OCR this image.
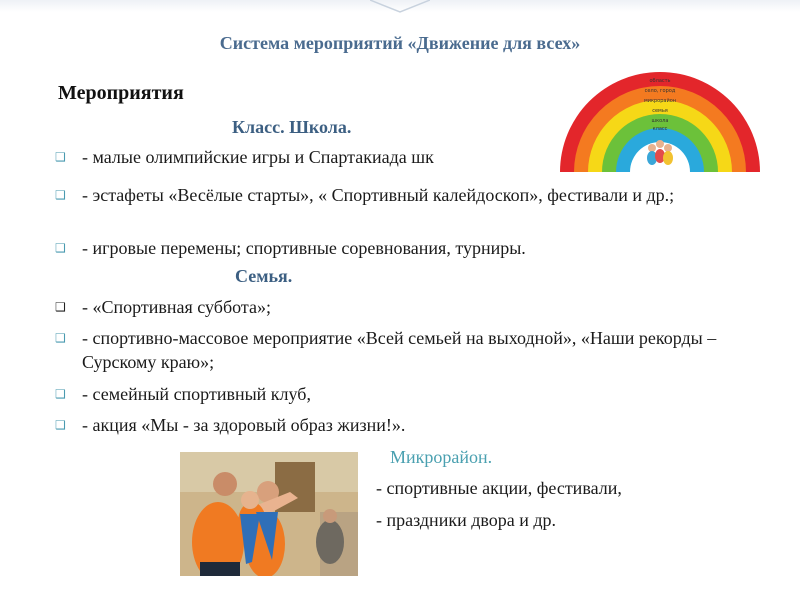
Система мероприятий «Движение для всех»
Мероприятия
Класс. Школа.
❑ - малые олимпийские игры и Спартакиада шк
❑ - эстафеты «Весёлые старты», « Спортивный калейдоскоп», фестивали и др.;
❑ - игровые перемены; спортивные соревнования, турниры.
Семья.
❑ - «Спортивная суббота»;
❑ - спортивно-массовое мероприятие «Всей семьей на выходной», «Наши рекорды – Сурскому краю»;
❑ - семейный спортивный клуб,
❑ - акция «Мы - за здоровый образ жизни!».
Микрорайон.
- спортивные акции, фестивали,
- праздники двора и др.
область
село, город
микрорайон
семья
школа
класс
